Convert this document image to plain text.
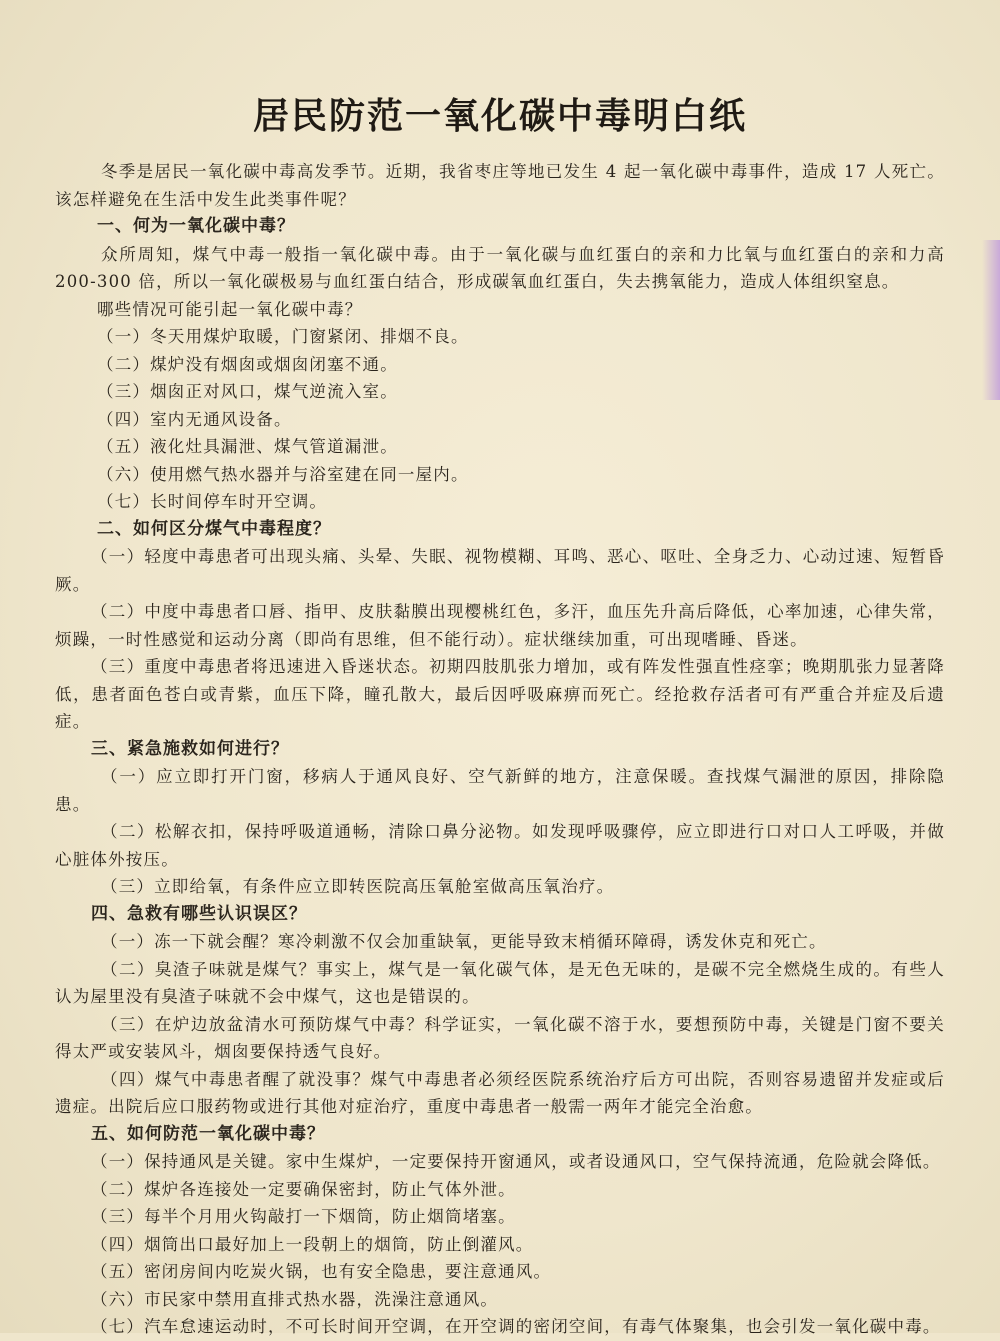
居民防范一氧化碳中毒明白纸

冬季是居民一氧化碳中毒高发季节。近期，我省枣庄等地已发生 4 起一氧化碳中毒事件，造成 17 人死亡。该怎样避免在生活中发生此类事件呢？

一、何为一氧化碳中毒？

众所周知，煤气中毒一般指一氧化碳中毒。由于一氧化碳与血红蛋白的亲和力比氧与血红蛋白的亲和力高 200-300 倍，所以一氧化碳极易与血红蛋白结合，形成碳氧血红蛋白，失去携氧能力，造成人体组织窒息。

哪些情况可能引起一氧化碳中毒？

（一）冬天用煤炉取暖，门窗紧闭、排烟不良。

（二）煤炉没有烟囱或烟囱闭塞不通。

（三）烟囱正对风口，煤气逆流入室。

（四）室内无通风设备。

（五）液化灶具漏泄、煤气管道漏泄。

（六）使用燃气热水器并与浴室建在同一屋内。

（七）长时间停车时开空调。

二、如何区分煤气中毒程度？

（一）轻度中毒患者可出现头痛、头晕、失眠、视物模糊、耳鸣、恶心、呕吐、全身乏力、心动过速、短暂昏厥。

（二）中度中毒患者口唇、指甲、皮肤黏膜出现樱桃红色，多汗，血压先升高后降低，心率加速，心律失常，烦躁，一时性感觉和运动分离（即尚有思维，但不能行动）。症状继续加重，可出现嗜睡、昏迷。

（三）重度中毒患者将迅速进入昏迷状态。初期四肢肌张力增加，或有阵发性强直性痉挛；晚期肌张力显著降低，患者面色苍白或青紫，血压下降，瞳孔散大，最后因呼吸麻痹而死亡。经抢救存活者可有严重合并症及后遗症。

三、紧急施救如何进行？

（一）应立即打开门窗，移病人于通风良好、空气新鲜的地方，注意保暖。查找煤气漏泄的原因，排除隐患。

（二）松解衣扣，保持呼吸道通畅，清除口鼻分泌物。如发现呼吸骤停，应立即进行口对口人工呼吸，并做心脏体外按压。

（三）立即给氧，有条件应立即转医院高压氧舱室做高压氧治疗。

四、急救有哪些认识误区？

（一）冻一下就会醒？寒冷刺激不仅会加重缺氧，更能导致末梢循环障碍，诱发休克和死亡。

（二）臭渣子味就是煤气？事实上，煤气是一氧化碳气体，是无色无味的，是碳不完全燃烧生成的。有些人认为屋里没有臭渣子味就不会中煤气，这也是错误的。

（三）在炉边放盆清水可预防煤气中毒？科学证实，一氧化碳不溶于水，要想预防中毒，关键是门窗不要关得太严或安装风斗，烟囱要保持透气良好。

（四）煤气中毒患者醒了就没事？煤气中毒患者必须经医院系统治疗后方可出院，否则容易遗留并发症或后遗症。出院后应口服药物或进行其他对症治疗，重度中毒患者一般需一两年才能完全治愈。

五、如何防范一氧化碳中毒？

（一）保持通风是关键。家中生煤炉，一定要保持开窗通风，或者设通风口，空气保持流通，危险就会降低。

（二）煤炉各连接处一定要确保密封，防止气体外泄。

（三）每半个月用火钩敲打一下烟筒，防止烟筒堵塞。

（四）烟筒出口最好加上一段朝上的烟筒，防止倒灌风。

（五）密闭房间内吃炭火锅，也有安全隐患，要注意通风。

（六）市民家中禁用直排式热水器，洗澡注意通风。

（七）汽车怠速运动时，不可长时间开空调，在开空调的密闭空间，有毒气体聚集，也会引发一氧化碳中毒。
